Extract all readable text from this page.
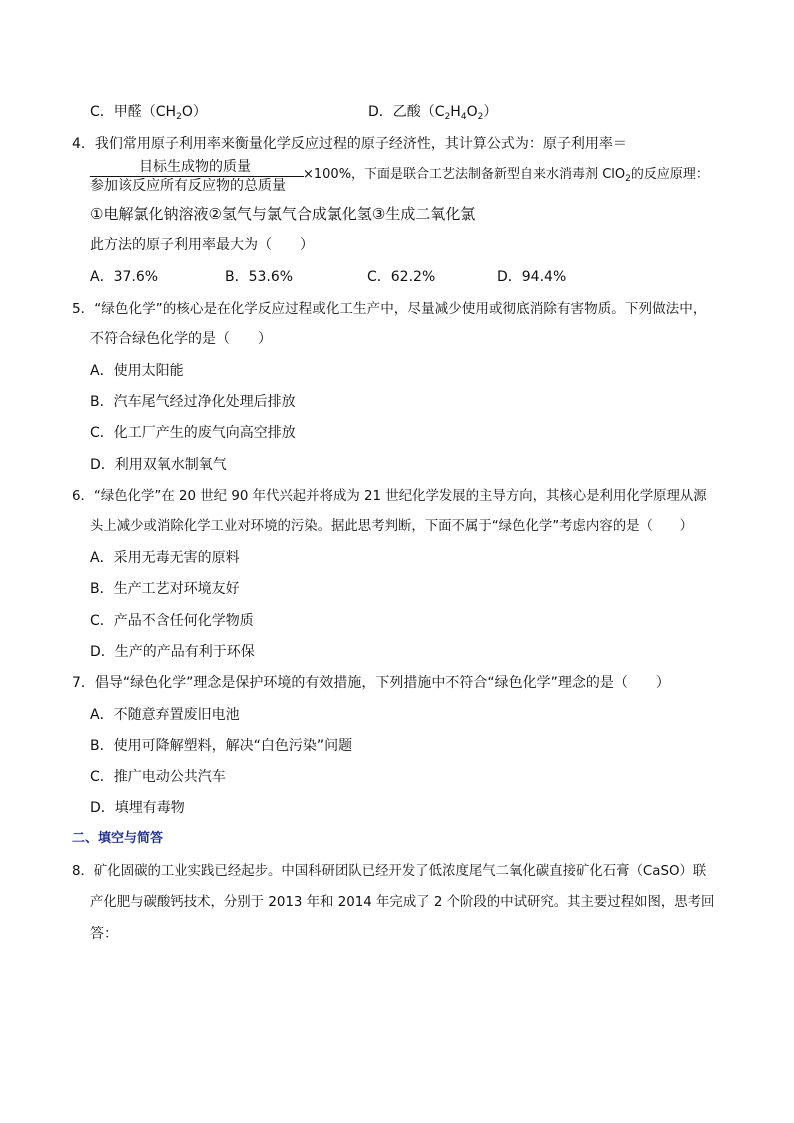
C．甲醛$(CH_2O)$	D．乙酸$(C_2H_4O_2)$
4．我们常用原子利用率来衡量化学反应过程的原子经济性，其计算公式为：原子利用率＝
目标生成物的质量
参加该反应所有反应物的总质量
×100%，下面是联合工艺法制备新型自来水消毒剂 ClO$_2$的反应原理：
①电解氯化钠溶液②氢气与氯气合成氯化氢③生成二氧化氯
此方法的原子利用率最大为（　　）
A．37.6%	B．53.6%	C．62.2%	D．94.4%
5．“绿色化学”的核心是在化学反应过程或化工生产中，尽量减少使用或彻底消除有害物质。下列做法中，
不符合绿色化学的是（　　）
A．使用太阳能
B．汽车尾气经过净化处理后排放
C．化工厂产生的废气向高空排放
D．利用双氧水制氧气
6．“绿色化学”在 20 世纪 90 年代兴起并将成为 21 世纪化学发展的主导方向，其核心是利用化学原理从源
头上减少或消除化学工业对环境的污染。据此思考判断，下面不属于“绿色化学”考虑内容的是（　　）
A．采用无毒无害的原料
B．生产工艺对环境友好
C．产品不含任何化学物质
D．生产的产品有利于环保
7．倡导“绿色化学”理念是保护环境的有效措施，下列措施中不符合“绿色化学”理念的是（　　）
A．不随意弃置废旧电池
B．使用可降解塑料，解决“白色污染”问题
C．推广电动公共汽车
D．填埋有毒物
二、填空与简答
8．矿化固碳的工业实践已经起步。中国科研团队已经开发了低浓度尾气二氧化碳直接矿化石膏（CaSO）联
产化肥与碳酸钙技术，分别于 2013 年和 2014 年完成了 2 个阶段的中试研究。其主要过程如图，思考回
答：
